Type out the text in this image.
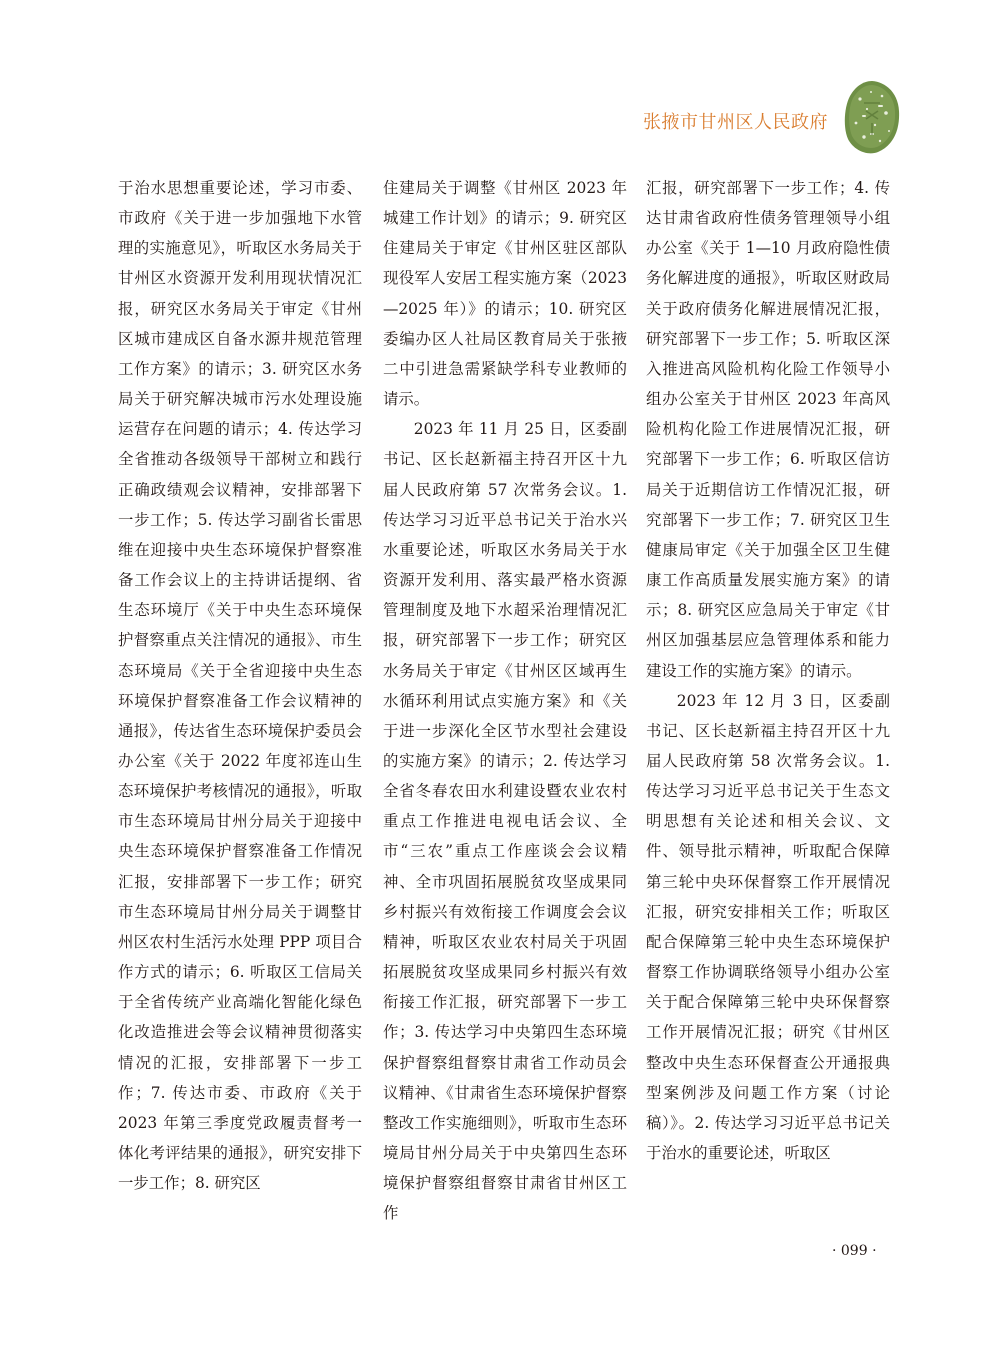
张掖市甘州区人民政府

于治水思想重要论述，学习市委、市政府《关于进一步加强地下水管理的实施意见》，听取区水务局关于甘州区水资源开发利用现状情况汇报，研究区水务局关于审定《甘州区城市建成区自备水源井规范管理工作方案》的请示；3. 研究区水务局关于研究解决城市污水处理设施运营存在问题的请示；4. 传达学习全省推动各级领导干部树立和践行正确政绩观会议精神，安排部署下一步工作；5. 传达学习副省长雷思维在迎接中央生态环境保护督察准备工作会议上的主持讲话提纲、省生态环境厅《关于中央生态环境保护督察重点关注情况的通报》、市生态环境局《关于全省迎接中央生态环境保护督察准备工作会议精神的通报》，传达省生态环境保护委员会办公室《关于 2022 年度祁连山生态环境保护考核情况的通报》，听取市生态环境局甘州分局关于迎接中央生态环境保护督察准备工作情况汇报，安排部署下一步工作；研究市生态环境局甘州分局关于调整甘州区农村生活污水处理 PPP 项目合作方式的请示；6. 听取区工信局关于全省传统产业高端化智能化绿色化改造推进会等会议精神贯彻落实情况的汇报，安排部署下一步工作；7. 传达市委、市政府《关于 2023 年第三季度党政履责督考一体化考评结果的通报》，研究安排下一步工作；8. 研究区

住建局关于调整《甘州区 2023 年城建工作计划》的请示；9. 研究区住建局关于审定《甘州区驻区部队现役军人安居工程实施方案（2023—2025 年）》的请示；10. 研究区委编办区人社局区教育局关于张掖二中引进急需紧缺学科专业教师的请示。

2023 年 11 月 25 日，区委副书记、区长赵新福主持召开区十九届人民政府第 57 次常务会议。1. 传达学习习近平总书记关于治水兴水重要论述，听取区水务局关于水资源开发利用、落实最严格水资源管理制度及地下水超采治理情况汇报，研究部署下一步工作；研究区水务局关于审定《甘州区区域再生水循环利用试点实施方案》和《关于进一步深化全区节水型社会建设的实施方案》的请示；2. 传达学习全省冬春农田水利建设暨农业农村重点工作推进电视电话会议、全市“三农”重点工作座谈会会议精神、全市巩固拓展脱贫攻坚成果同乡村振兴有效衔接工作调度会会议精神，听取区农业农村局关于巩固拓展脱贫攻坚成果同乡村振兴有效衔接工作汇报，研究部署下一步工作；3. 传达学习中央第四生态环境保护督察组督察甘肃省工作动员会议精神、《甘肃省生态环境保护督察整改工作实施细则》，听取市生态环境局甘州分局关于中央第四生态环境保护督察组督察甘肃省甘州区工作

汇报，研究部署下一步工作；4. 传达甘肃省政府性债务管理领导小组办公室《关于 1—10 月政府隐性债务化解进度的通报》，听取区财政局关于政府债务化解进展情况汇报，研究部署下一步工作；5. 听取区深入推进高风险机构化险工作领导小组办公室关于甘州区 2023 年高风险机构化险工作进展情况汇报，研究部署下一步工作；6. 听取区信访局关于近期信访工作情况汇报，研究部署下一步工作；7. 研究区卫生健康局审定《关于加强全区卫生健康工作高质量发展实施方案》的请示；8. 研究区应急局关于审定《甘州区加强基层应急管理体系和能力建设工作的实施方案》的请示。

2023 年 12 月 3 日，区委副书记、区长赵新福主持召开区十九届人民政府第 58 次常务会议。1. 传达学习习近平总书记关于生态文明思想有关论述和相关会议、文件、领导批示精神，听取配合保障第三轮中央环保督察工作开展情况汇报，研究安排相关工作；听取区配合保障第三轮中央生态环境保护督察工作协调联络领导小组办公室关于配合保障第三轮中央环保督察工作开展情况汇报；研究《甘州区整改中央生态环保督查公开通报典型案例涉及问题工作方案（讨论稿）》。2. 传达学习习近平总书记关于治水的重要论述，听取区

· 099 ·
